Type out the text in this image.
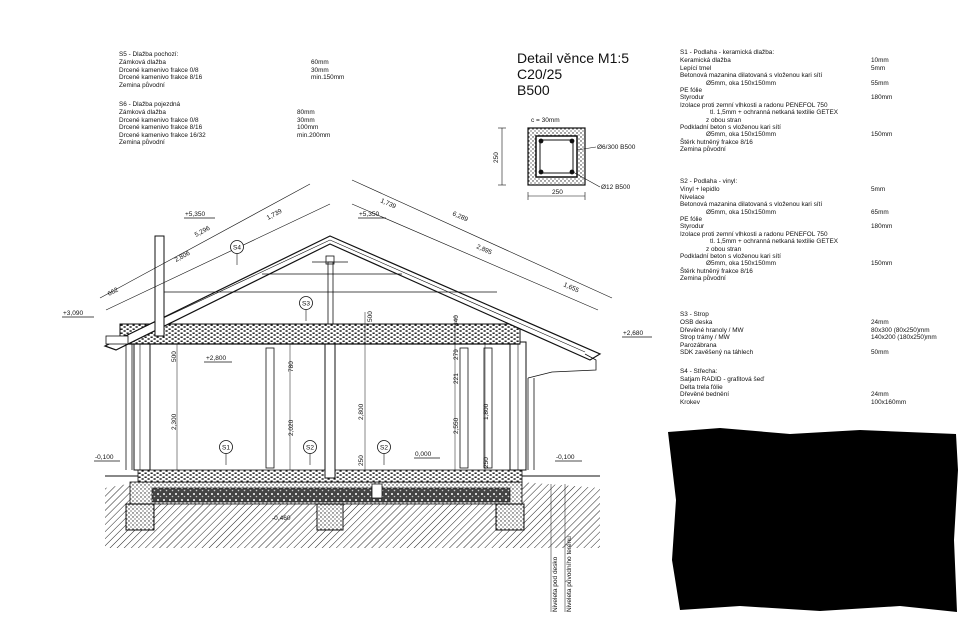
S5 - Dlažba pochozí:
Zámková dlažba	60mm
Drcené kamenivo frakce 0/8	30mm
Drcené kamenivo frakce 8/16	min.150mm
Zemina původní
S6 - Dlažba pojezdná
Zámková dlažba	80mm
Drcené kamenivo frakce 0/8	30mm
Drcené kamenivo frakce 8/16	100mm
Drcené kamenivo frakce 16/32	min.200mm
Zemina původní
Detail věnce M1:5
C20/25
B500
S1 - Podlaha - keramická dlažba:
Keramická dlažba	10mm
Lepící tmel	5mm
Betonová mazanina dilatovaná s vloženou kari sítí
Ø5mm, oka 150x150mm	55mm
PE fólie
Styrodur	180mm
Izolace proti zemní vlhkosti a radonu PENEFOL 750
tl. 1,5mm + ochranná netkaná textilie GETEX
z obou stran
Podkladní beton s vloženou kari sítí
Ø5mm, oka 150x150mm	150mm
Štěrk hutněný frakce 8/16
Zemina původní
S2 - Podlaha - vinyl:
Vinyl + lepidlo	5mm
Nivelace
Betonová mazanina dilatovaná s vloženou kari sítí
Ø5mm, oka 150x150mm	65mm
PE fólie
Styrodur	180mm
Izolace proti zemní vlhkosti a radonu PENEFOL 750
tl. 1,5mm + ochranná netkaná textilie GETEX
z obou stran
Podkladní beton s vloženou kari sítí
Ø5mm, oka 150x150mm	150mm
Štěrk hutněný frakce 8/16
Zemina původní
S3 - Strop
OSB deska	24mm
Dřevěné hranoly / MW	80x300 (80x250)mm
Strop trámy / MW	140x200 (180x250)mm
Parozábrana
SDK zavěšený na táhlech	50mm
S4 - Střecha:
Satjam RADID - grafitová šeď
Delta trela fólie
Dřevěné bednění	24mm
Krokev	100x160mm
c = 30mm
250
250
Ø6/300 B500
Ø12 B500
662
2,806
5,296
1,739
1,739
6,289
2,895
1,655
+5,350	+5,350
+3,090
+2,680
+2,800
0,000
-0,100	-0,100
-0,460
500
2,300
780
2,020
2,800
500	440
279
221
1,800
2,550
250	250
S4
S3
S1	S2	S2
Niveleta pod desko Niveleta původního terénu
